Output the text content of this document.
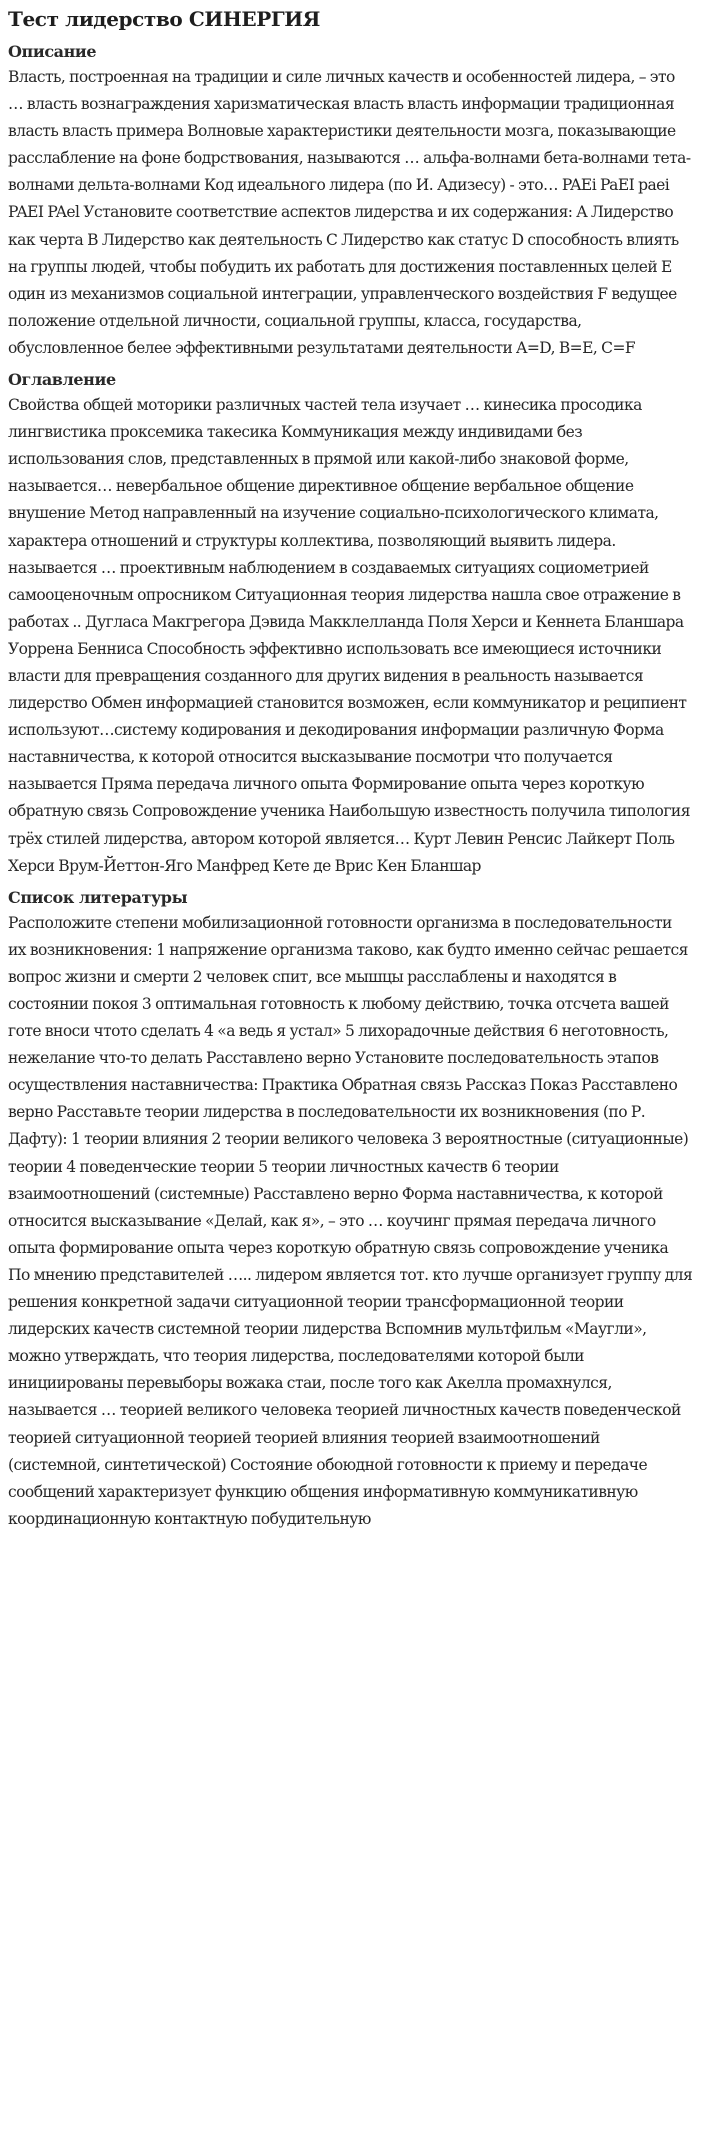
Тест лидерство СИНЕРГИЯ
Описание

Власть, построенная на традиции и силе личных качеств и особенностей лидера, – это … власть вознаграждения харизматическая власть власть информации традиционная власть власть примера Волновые характеристики деятельности мозга, показывающие расслабление на фоне бодрствования, называются … альфа-волнами бета-волнами тета-волнами дельта-волнами Код идеального лидера (по И. Адизесу) - это… PAEi PaEI paei PAEI PAel Установите соответствие аспектов лидерства и их содержания: A Лидерство как черта B Лидерство как деятельность C Лидерство как статус D способность влиять на группы людей, чтобы побудить их работать для достижения поставленных целей E один из механизмов социальной интеграции, управленческого воздействия F ведущее положение отдельной личности, социальной группы, класса, государства, обусловленное белее эффективными результатами деятельности A=D, B=E, C=F

Оглавление

Свойства общей моторики различных частей тела изучает … кинесика просодика лингвистика проксемика такесика Коммуникация между индивидами без использования слов, представленных в прямой или какой-либо знаковой форме, называется… невербальное общение директивное общение вербальное общение внушение Метод направленный на изучение социально-психологического климата, характера отношений и структуры коллектива, позволяющий выявить лидера. называется … проективным наблюдением в создаваемых ситуациях социометрией самооценочным опросником Ситуационная теория лидерства нашла свое отражение в работах .. Дугласа Макгрегора Дэвида Макклелланда Поля Херси и Кеннета Бланшара Уоррена Бенниса Способность эффективно использовать все имеющиеся источники власти для превращения созданного для других видения в реальность называется лидерство Обмен информацией становится возможен, если коммуникатор и реципиент используют…систему кодирования и декодирования информации различную Форма наставничества, к которой относится высказывание посмотри что получается называется Пряма передача личного опыта Формирование опыта через короткую обратную связь Сопровождение ученика Наибольшую известность получила типология трёх стилей лидерства, автором которой является… Курт Левин Ренсис Лайкерт Поль Херси Врум-Йеттон-Яго Манфред Кете де Врис Кен Бланшар

Список литературы

Расположите степени мобилизационной готовности организма в последовательности их возникновения: 1 напряжение организма таково, как будто именно сейчас решается вопрос жизни и смерти 2 человек спит, все мышцы расслаблены и находятся в состоянии покоя 3 оптимальная готовность к любому действию, точка отсчета вашей готе вноси чтото сделать 4 «а ведь я устал» 5 лихорадочные действия 6 неготовность, нежелание что-то делать Расставлено верно Установите последовательность этапов осуществления наставничества: Практика Обратная связь Рассказ Показ Расставлено верно Расставьте теории лидерства в последовательности их возникновения (по Р. Дафту): 1 теории влияния 2 теории великого человека 3 вероятностные (ситуационные) теории 4 поведенческие теории 5 теории личностных качеств 6 теории взаимоотношений (системные) Расставлено верно Форма наставничества, к которой относится высказывание «Делай, как я», – это … коучинг прямая передача личного опыта формирование опыта через короткую обратную связь сопровождение ученика По мнению представителей ….. лидером является тот. кто лучше организует группу для решения конкретной задачи ситуационной теории трансформационной теории лидерских качеств системной теории лидерства Вспомнив мультфильм «Маугли», можно утверждать, что теория лидерства, последователями которой были инициированы перевыборы вожака стаи, после того как Акелла промахнулся, называется … теорией великого человека теорией личностных качеств поведенческой теорией ситуационной теорией теорией влияния теорией взаимоотношений (системной, синтетической) Состояние обоюдной готовности к приему и передаче сообщений характеризует функцию общения информативную коммуникативную координационную контактную побудительную
